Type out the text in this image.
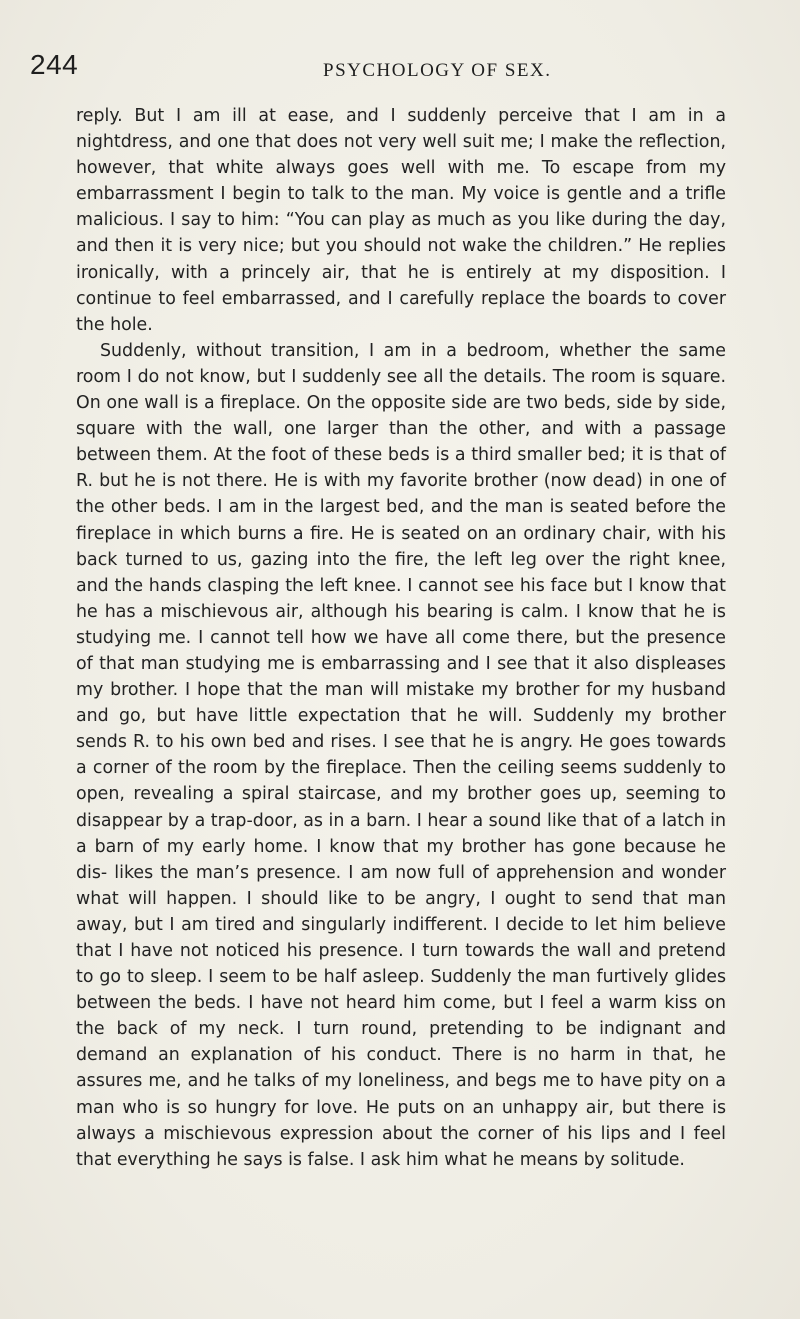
244	PSYCHOLOGY OF SEX.

reply. But I am ill at ease, and I suddenly perceive that I am in a nightdress, and one that does not very well suit me; I make the reflection, however, that white always goes well with me. To escape from my embarrassment I begin to talk to the man. My voice is gentle and a trifle malicious. I say to him: “You can play as much as you like during the day, and then it is very nice; but you should not wake the children.” He replies ironically, with a princely air, that he is entirely at my disposition. I continue to feel embarrassed, and I carefully replace the boards to cover the hole.

Suddenly, without transition, I am in a bedroom, whether the same room I do not know, but I suddenly see all the details. The room is square. On one wall is a fireplace. On the opposite side are two beds, side by side, square with the wall, one larger than the other, and with a passage between them. At the foot of these beds is a third smaller bed; it is that of R. but he is not there. He is with my favorite brother (now dead) in one of the other beds. I am in the largest bed, and the man is seated before the fireplace in which burns a fire. He is seated on an ordinary chair, with his back turned to us, gazing into the fire, the left leg over the right knee, and the hands clasping the left knee. I cannot see his face but I know that he has a mischievous air, although his bearing is calm. I know that he is studying me. I cannot tell how we have all come there, but the presence of that man studying me is embarrassing and I see that it also displeases my brother. I hope that the man will mistake my brother for my husband and go, but have little expectation that he will. Suddenly my brother sends R. to his own bed and rises. I see that he is angry. He goes towards a corner of the room by the fireplace. Then the ceiling seems suddenly to open, revealing a spiral staircase, and my brother goes up, seeming to disappear by a trap-door, as in a barn. I hear a sound like that of a latch in a barn of my early home. I know that my brother has gone because he dis- likes the man’s presence. I am now full of apprehension and wonder what will happen. I should like to be angry, I ought to send that man away, but I am tired and singularly indifferent. I decide to let him believe that I have not noticed his presence. I turn towards the wall and pretend to go to sleep. I seem to be half asleep. Suddenly the man furtively glides between the beds. I have not heard him come, but I feel a warm kiss on the back of my neck. I turn round, pretending to be indignant and demand an explanation of his conduct. There is no harm in that, he assures me, and he talks of my loneliness, and begs me to have pity on a man who is so hungry for love. He puts on an unhappy air, but there is always a mischievous expression about the corner of his lips and I feel that everything he says is false. I ask him what he means by solitude.
